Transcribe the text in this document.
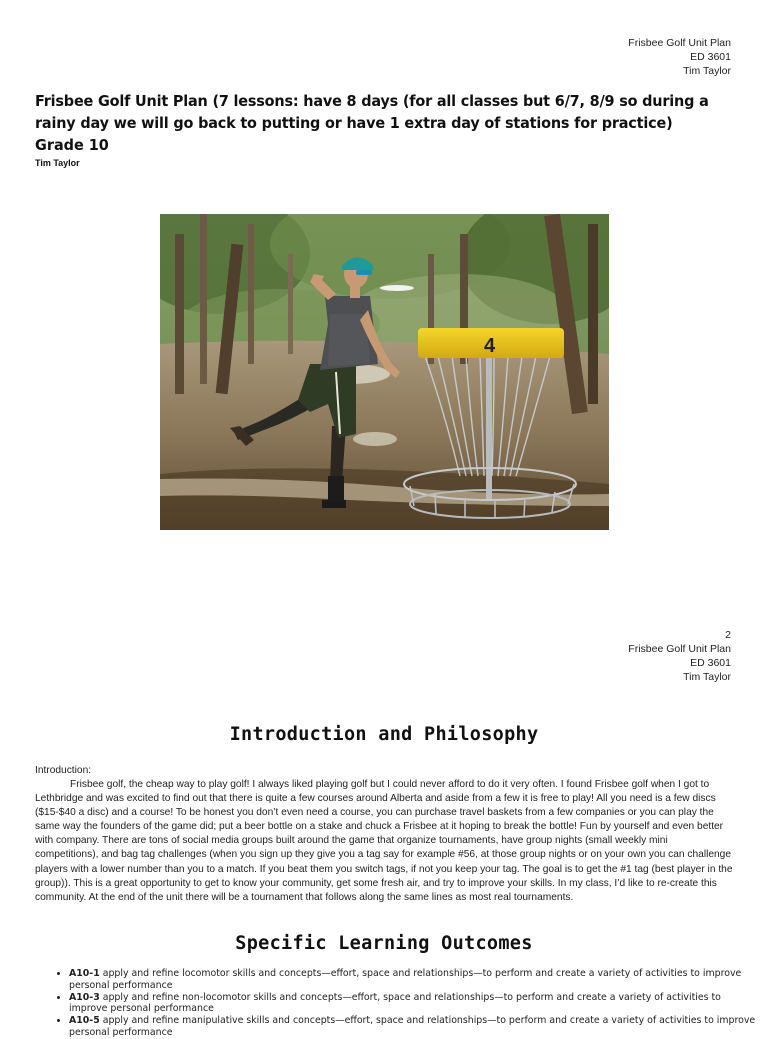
Frisbee Golf Unit Plan
ED 3601
Tim Taylor
Frisbee Golf Unit Plan (7 lessons: have 8 days (for all classes but 6/7, 8/9 so during a rainy day we will go back to putting or have 1 extra day of stations for practice)
Grade 10
Tim Taylor
4
2
Frisbee Golf Unit Plan
ED 3601
Tim Taylor
Introduction and Philosophy
Introduction:
Frisbee golf, the cheap way to play golf! I always liked playing golf but I could never afford to do it very often. I found Frisbee golf when I got to Lethbridge and was excited to find out that there is quite a few courses around Alberta and aside from a few it is free to play! All you need is a few discs ($15-$40 a disc) and a course! To be honest you don’t even need a course, you can purchase travel baskets from a few companies or you can play the same way the founders of the game did; put a beer bottle on a stake and chuck a Frisbee at it hoping to break the bottle! Fun by yourself and even better with company. There are tons of social media groups built around the game that organize tournaments, have group nights (small weekly mini competitions), and bag tag challenges (when you sign up they give you a tag say for example #56, at those group nights or on your own you can challenge players with a lower number than you to a match. If you beat them you switch tags, if not you keep your tag. The goal is to get the #1 tag (best player in the group)). This is a great opportunity to get to know your community, get some fresh air, and try to improve your skills. In my class, I’d like to re-create this community. At the end of the unit there will be a tournament that follows along the same lines as most real tournaments.
Specific Learning Outcomes
• A10-1 apply and refine locomotor skills and concepts—effort, space and relationships—to perform and create a variety of activities to improve personal performance
• A10-3 apply and refine non-locomotor skills and concepts—effort, space and relationships—to perform and create a variety of activities to improve personal performance
• A10-5 apply and refine manipulative skills and concepts—effort, space and relationships—to perform and create a variety of activities to improve personal performance
